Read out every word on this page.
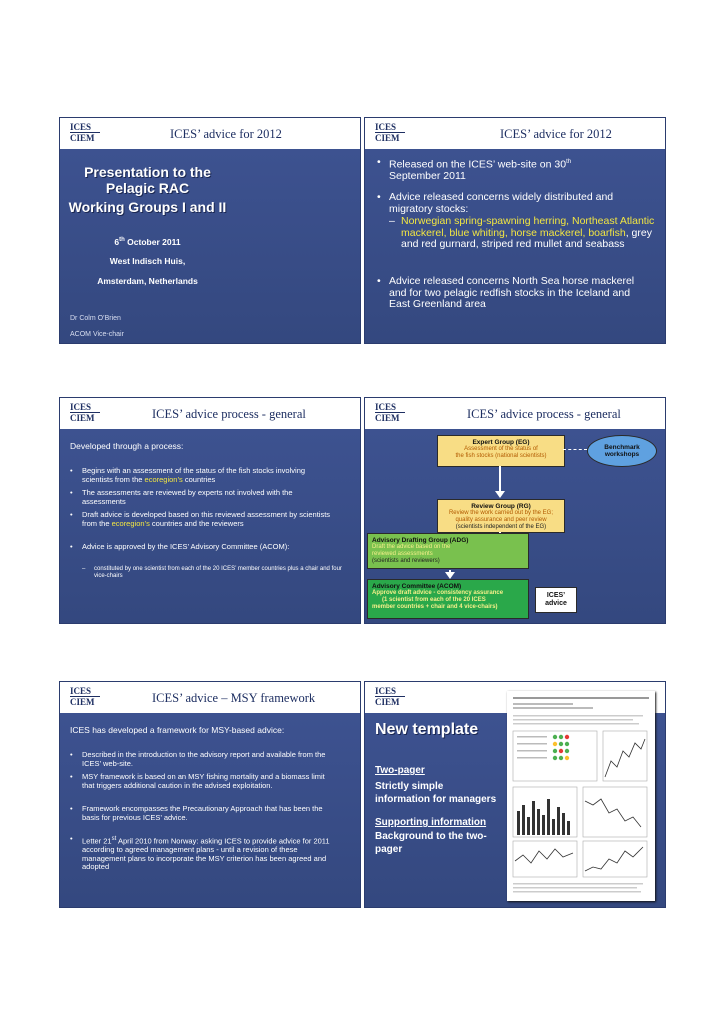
ICES
CIEM	ICES’ advice for 2012
Presentation to the Pelagic RAC
Working Groups I and II
6th October 2011
West Indisch Huis,
Amsterdam, Netherlands
Dr Colm O’Brien
ACOM Vice-chair
ICES
CIEM	ICES’ advice for 2012
• Released on the ICES’ web-site on 30th
September 2011
• Advice released concerns widely distributed and migratory stocks:
– Norwegian spring-spawning herring, Northeast Atlantic mackerel, blue whiting, horse mackerel, boarfish, grey and red gurnard, striped red mullet and seabass
• Advice released concerns North Sea horse mackerel and for two pelagic redfish stocks in the Iceland and East Greenland area
ICES
CIEM	ICES’ advice process - general
Developed through a process:
• Begins with an assessment of the status of the fish stocks involving scientists from the ecoregion’s countries
• The assessments are reviewed by experts not involved with the assessments
• Draft advice is developed based on this reviewed assessment by scientists from the ecoregion’s countries and the reviewers
• Advice is approved by the ICES’ Advisory Committee (ACOM):
– constituted by one scientist from each of the 20 ICES’ member countries plus a chair and four vice-chairs
ICES
CIEM	ICES’ advice process - general
Expert Group (EG)
Assessment of the status of
the fish stocks (national scientists)
Benchmark workshops
Review Group (RG)
Review the work carried out by the EG;
quality assurance and peer review
(scientists independent of the EG)
Advisory Drafting Group (ADG)
Draft the advice based on the
reviewed assessments
(scientists and reviewers)
Advisory Committee (ACOM)
Approve draft advice - consistency assurance
(1 scientist from each of the 20 ICES
member countries + chair and 4 vice-chairs)
ICES’ advice
ICES
CIEM	ICES’ advice – MSY framework
ICES has developed a framework for MSY-based advice:
• Described in the introduction to the advisory report and available from the ICES’ web-site.
• MSY framework is based on an MSY fishing mortality and a biomass limit that triggers additional caution in the advised exploitation.
• Framework encompasses the Precautionary Approach that has been the basis for previous ICES’ advice.
• Letter 21st April 2010 from Norway: asking ICES to provide advice for 2011 according to agreed management plans - until a revision of these management plans to incorporate the MSY criterion has been agreed and adopted
ICES
CIEM
New template
Two-pager
Strictly simple information for managers
Supporting information
Background to the two-pager
